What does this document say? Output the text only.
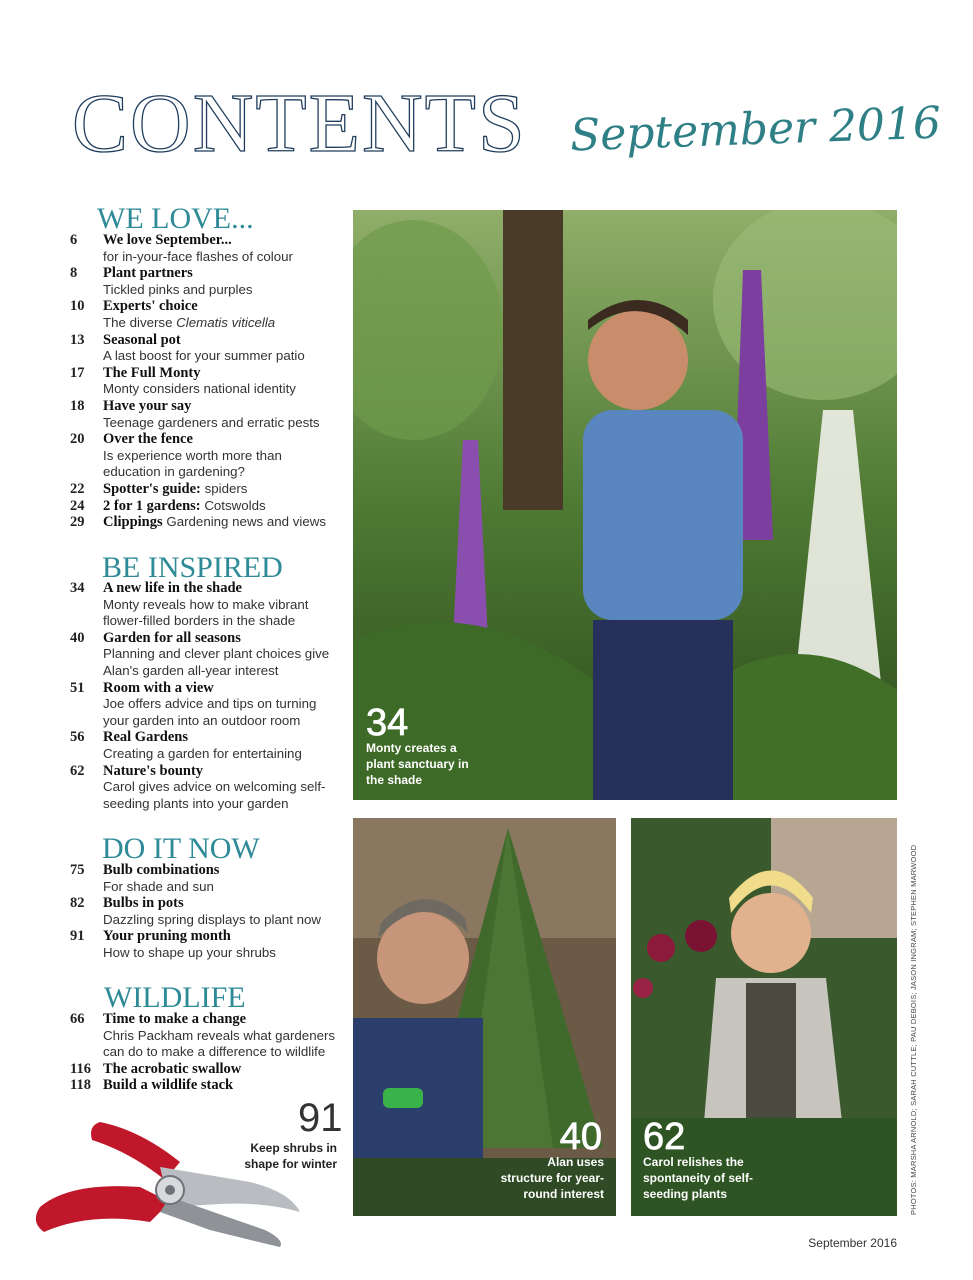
CONTENTS September 2016
WE LOVE...
6 We love September...
for in-your-face flashes of colour
8 Plant partners
Tickled pinks and purples
10 Experts' choice
The diverse Clematis viticella
13 Seasonal pot
A last boost for your summer patio
17 The Full Monty
Monty considers national identity
18 Have your say
Teenage gardeners and erratic pests
20 Over the fence
Is experience worth more than education in gardening?
22 Spotter's guide: spiders
24 2 for 1 gardens: Cotswolds
29 Clippings Gardening news and views
BE INSPIRED
34 A new life in the shade
Monty reveals how to make vibrant flower-filled borders in the shade
40 Garden for all seasons
Planning and clever plant choices give Alan's garden all-year interest
51 Room with a view
Joe offers advice and tips on turning your garden into an outdoor room
56 Real Gardens
Creating a garden for entertaining
62 Nature's bounty
Carol gives advice on welcoming self-seeding plants into your garden
DO IT NOW
75 Bulb combinations
For shade and sun
82 Bulbs in pots
Dazzling spring displays to plant now
91 Your pruning month
How to shape up your shrubs
WILDLIFE
66 Time to make a change
Chris Packham reveals what gardeners can do to make a difference to wildlife
116 The acrobatic swallow

118 Build a wildlife stack

34
Monty creates a plant sanctuary in the shade
40
Alan uses structure for year-round interest
62
Carol relishes the spontaneity of self-seeding plants
91
Keep shrubs in shape for winter	PHOTOS: MARSHA ARNOLD; SARAH CUTTLE; PAU DEBOIS; JASON INGRAM; STEPHEN MARWOOD
September 2016
